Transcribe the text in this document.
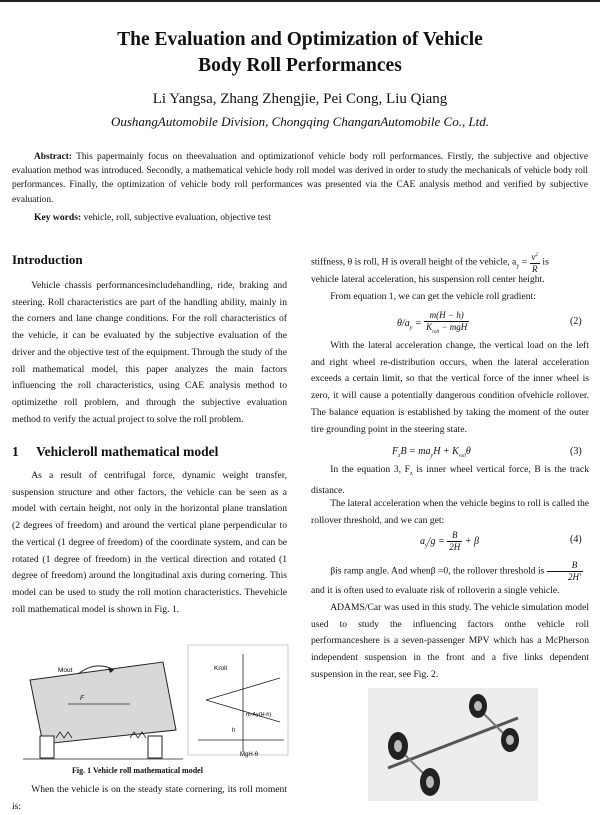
The Evaluation and Optimization of Vehicle
Body Roll Performances
Li Yangsa, Zhang Zhengjie, Pei Cong, Liu Qiang
OushangAutomobile Division, Chongqing ChanganAutomobile Co., Ltd.
Abstract: This papermainly focus on theevaluation and optimizationof vehicle body roll performances. Firstly, the subjective and objective evaluation method was introduced. Secondly, a mathematical vehicle body roll model was derived in order to study the mechanicals of vehicle body roll performances. Finally, the optimization of vehicle body roll performances was presented via the CAE analysis method and verified by subjective evaluation.
Key words: vehicle, roll, subjective evaluation, objective test
Introduction

Vehicle chassis performancesincludehandling, ride, braking and steering. Roll characteristics are part of the handling ability, mainly in the corners and lane change conditions. For the roll characteristics of the vehicle, it can be evaluated by the subjective evaluation of the driver and the objective test of the equipment. Through the study of the roll mathematical model, this paper analyzes the main factors influencing the roll characteristics, using CAE analysis method to optimizethe roll problem, and through the subjective evaluation method to verify the actual project to solve the roll problem.

1 Vehicleroll mathematical model

As a result of centrifugal force, dynamic weight transfer, suspension structure and other factors, the vehicle can be seen as a model with certain height, not only in the horizontal plane translation (2 degrees of freedom) and around the vertical plane perpendicular to the vertical (1 degree of freedom) of the coordinate system, and can be rotated (1 degree of freedom) in the vertical direction and rotated (1 degree of freedom) around the longitudinal axis during cornering. This model can be used to study the roll motion characteristics. Thevehicle roll mathematical model is shown in Fig. 1.

Mout
F
Kroll
m·Ay(H-h)
h
MgH·θ
Fig. 1 Vehicle roll mathematical model

When the vehicle is on the steady state cornering, its roll moment is:

stiffness, θ is roll, H is overall height of the vehicle, $a_y = \frac{v^2}{R}$ is
vehicle lateral acceleration, his suspension roll center height.

From equation 1, we can get the vehicle roll gradient:

$\theta/a_y = \frac{m(H - h)}{K_{roll} - mgH}$	(2)

With the lateral acceleration change, the vertical load on the left and right wheel re-distribution occurs, when the lateral acceleration exceeds a certain limit, so that the vertical force of the inner wheel is zero, it will cause a potentially dangerous condition ofvehicle rollover. The balance equation is established by taking the moment of the outer tire grounding point in the steering state.

$F_zB = ma_yH + K_{roll}\theta$	(3)

In the equation 3, $F_z$ is inner wheel vertical force, B is the track distance.

The lateral acceleration when the vehicle begins to roll is called the rollover threshold, and we can get:

$a_y/g = \frac{B}{2H} + \beta$	(4)

βis ramp angle. And whenβ =0, the rollover threshold is $\frac{B}{2H'}$

and it is often used to evaluate risk of rolloverin a single vehicle.

ADAMS/Car was used in this study. The vehicle simulation model used to study the influencing factors onthe vehicle roll performanceshere is a seven-passenger MPV which has a McPherson independent suspension in the front and a five links dependent suspension in the rear, see Fig. 2.
